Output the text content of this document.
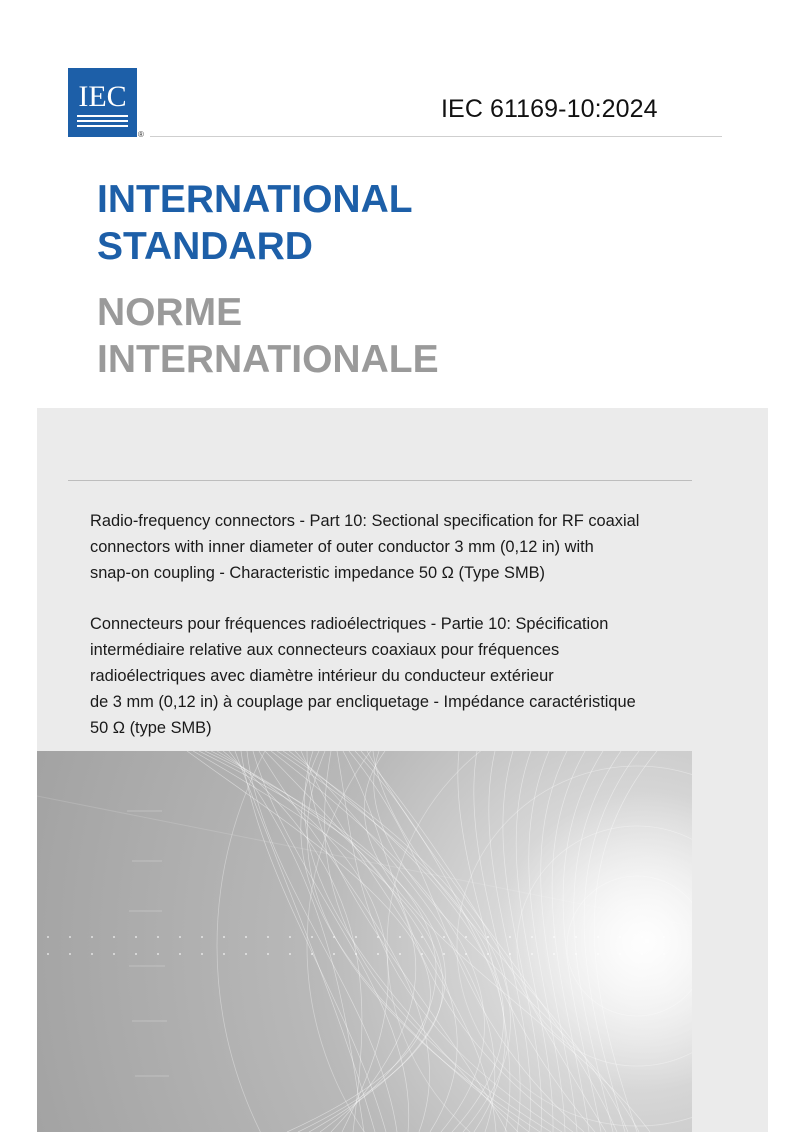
IEC
®
IEC 61169-10:2024
INTERNATIONAL
STANDARD
NORME
INTERNATIONALE
Radio-frequency connectors - Part 10: Sectional specification for RF coaxial
connectors with inner diameter of outer conductor 3 mm (0,12 in) with
snap-on coupling - Characteristic impedance 50 Ω (Type SMB)
Connecteurs pour fréquences radioélectriques - Partie 10: Spécification
intermédiaire relative aux connecteurs coaxiaux pour fréquences
radioélectriques avec diamètre intérieur du conducteur extérieur
de 3 mm (0,12 in) à couplage par encliquetage - Impédance caractéristique
50 Ω (type SMB)
